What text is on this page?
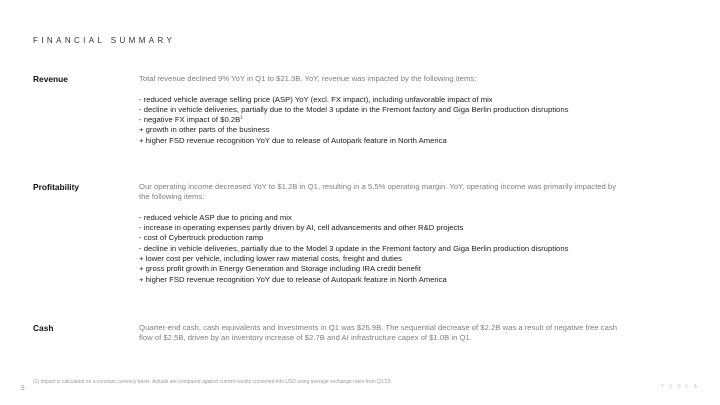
FINANCIAL SUMMARY
Revenue	Total revenue declined 9% YoY in Q1 to $21.3B. YoY, revenue was impacted by the following items:

- reduced vehicle average selling price (ASP) YoY (excl. FX impact), including unfavorable impact of mix
- decline in vehicle deliveries, partially due to the Model 3 update in the Fremont factory and Giga Berlin production disruptions
- negative FX impact of $\$0.2B^1$
+ growth in other parts of the business
+ higher FSD revenue recognition YoY due to release of Autopark feature in North America
Profitability	Our operating income decreased YoY to $1.2B in Q1, resulting in a 5.5% operating margin. YoY, operating income was primarily impacted by the following items:

- reduced vehicle ASP due to pricing and mix
- increase in operating expenses partly driven by AI, cell advancements and other R&D projects
- cost of Cybertruck production ramp
- decline in vehicle deliveries, partially due to the Model 3 update in the Fremont factory and Giga Berlin production disruptions
+ lower cost per vehicle, including lower raw material costs, freight and duties
+ gross profit growth in Energy Generation and Storage including IRA credit benefit
+ higher FSD revenue recognition YoY due to release of Autopark feature in North America
Cash	Quarter-end cash, cash equivalents and investments in Q1 was $26.9B. The sequential decrease of $2.2B was a result of negative free cash flow of $2.5B, driven by an inventory increase of $2.7B and AI infrastructure capex of $1.0B in Q1.

(1) Impact is calculated on a constant currency basis. Actuals are compared against current results converted into USD using average exchange rates from Q1'23.
5	TESLA
